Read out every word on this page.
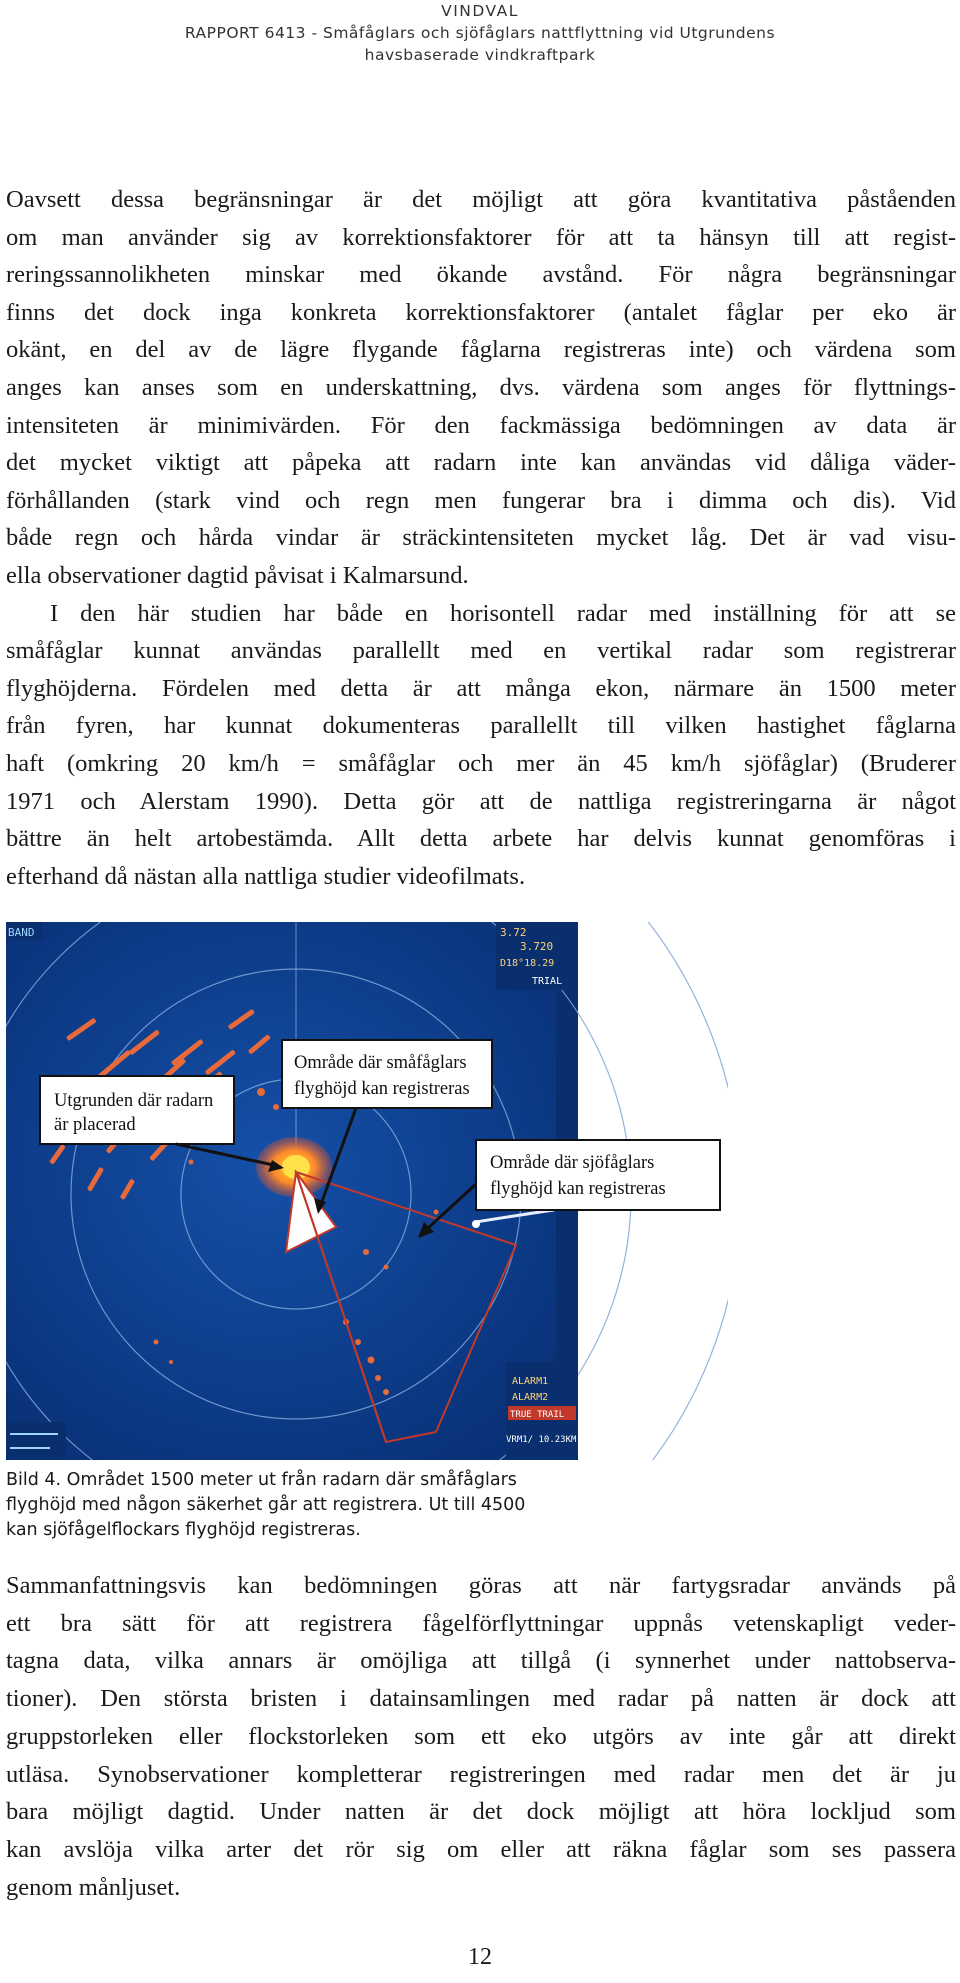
VINDVAL
RAPPORT 6413 - Småfåglars och sjöfåglars nattflyttning vid Utgrundens
havsbaserade vindkraftpark
Oavsett dessa begränsningar är det möjligt att göra kvantitativa påståenden
om man använder sig av korrektionsfaktorer för att ta hänsyn till att regist-
reringssannolikheten minskar med ökande avstånd. För några begränsningar
finns det dock inga konkreta korrektionsfaktorer (antalet fåglar per eko är
okänt, en del av de lägre flygande fåglarna registreras inte) och värdena som
anges kan anses som en underskattning, dvs. värdena som anges för flyttnings-
intensiteten är minimivärden. För den fackmässiga bedömningen av data är
det mycket viktigt att påpeka att radarn inte kan användas vid dåliga väder-
förhållanden (stark vind och regn men fungerar bra i dimma och dis). Vid
både regn och hårda vindar är sträckintensiteten mycket låg. Det är vad visu-
ella observationer dagtid påvisat i Kalmarsund.
I den här studien har både en horisontell radar med inställning för att se
småfåglar kunnat användas parallellt med en vertikal radar som registrerar
flyghöjderna. Fördelen med detta är att många ekon, närmare än 1500 meter
från fyren, har kunnat dokumenteras parallellt till vilken hastighet fåglarna
haft (omkring 20 km/h = småfåglar och mer än 45 km/h sjöfåglar) (Bruderer
1971 och Alerstam 1990). Detta gör att de nattliga registreringarna är något
bättre än helt artobestämda. Allt detta arbete har delvis kunnat genomföras i
efterhand då nästan alla nattliga studier videofilmats.
BAND	3.72
3.720
D18°18.29
TRIAL
ALARM1
ALARM2
TRUE TRAIL
VRM1/ 10.23KM
Utgrunden där radarn
är placerad
Område där småfåglars
flyghöjd kan registreras
Område där sjöfåglars
flyghöjd kan registreras
Bild 4. Området 1500 meter ut från radarn där småfåglars
flyghöjd med någon säkerhet går att registrera. Ut till 4500
kan sjöfågelflockars flyghöjd registreras.
Sammanfattningsvis kan bedömningen göras att när fartygsradar används på
ett bra sätt för att registrera fågelförflyttningar uppnås vetenskapligt veder-
tagna data, vilka annars är omöjliga att tillgå (i synnerhet under nattobserva-
tioner). Den största bristen i datainsamlingen med radar på natten är dock att
gruppstorleken eller flockstorleken som ett eko utgörs av inte går att direkt
utläsa. Synobservationer kompletterar registreringen med radar men det är ju
bara möjligt dagtid. Under natten är det dock möjligt att höra lockljud som
kan avslöja vilka arter det rör sig om eller att räkna fåglar som ses passera
genom månljuset.
12
